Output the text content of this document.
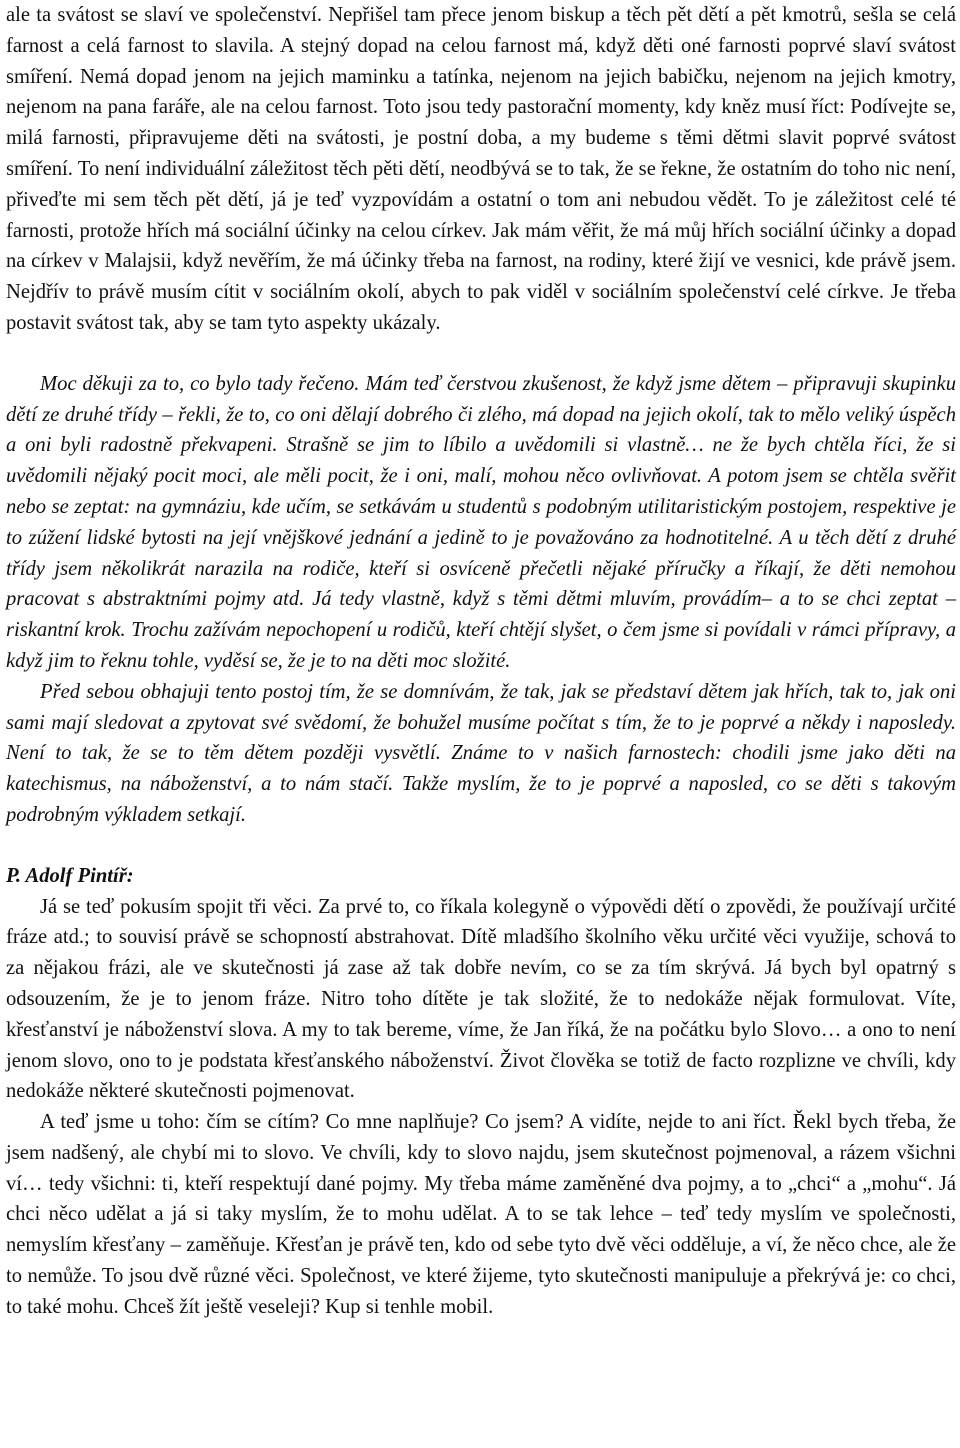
ale ta svátost se slaví ve společenství. Nepřišel tam přece jenom biskup a těch pět dětí a pět kmotrů, sešla se celá farnost a celá farnost to slavila. A stejný dopad na celou farnost má, když děti oné farnosti poprvé slaví svátost smíření. Nemá dopad jenom na jejich maminku a tatínka, nejenom na jejich babičku, nejenom na jejich kmotry, nejenom na pana faráře, ale na celou farnost. Toto jsou tedy pastorační momenty, kdy kněz musí říct: Podívejte se, milá farnosti, připravujeme děti na svátosti, je postní doba, a my budeme s těmi dětmi slavit poprvé svátost smíření. To není individuální záležitost těch pěti dětí, neodbývá se to tak, že se řekne, že ostatním do toho nic není, přiveďte mi sem těch pět dětí, já je teď vyzpovídám a ostatní o tom ani nebudou vědět. To je záležitost celé té farnosti, protože hřích má sociální účinky na celou církev. Jak mám věřit, že má můj hřích sociální účinky a dopad na církev v Malajsii, když nevěřím, že má účinky třeba na farnost, na rodiny, které žijí ve vesnici, kde právě jsem. Nejdřív to právě musím cítit v sociálním okolí, abych to pak viděl v sociálním společenství celé církve. Je třeba postavit svátost tak, aby se tam tyto aspekty ukázaly.

Moc děkuji za to, co bylo tady řečeno. Mám teď čerstvou zkušenost, že když jsme dětem – připravuji skupinku dětí ze druhé třídy – řekli, že to, co oni dělají dobrého či zlého, má dopad na jejich okolí, tak to mělo veliký úspěch a oni byli radostně překvapeni. Strašně se jim to líbilo a uvědomili si vlastně… ne že bych chtěla říci, že si uvědomili nějaký pocit moci, ale měli pocit, že i oni, malí, mohou něco ovlivňovat. A potom jsem se chtěla svěřit nebo se zeptat: na gymnáziu, kde učím, se setkávám u studentů s podobným utilitaristickým postojem, respektive je to zúžení lidské bytosti na její vnějškové jednání a jedině to je považováno za hodnotitelné. A u těch dětí z druhé třídy jsem několikrát narazila na rodiče, kteří si osvíceně přečetli nějaké příručky a říkají, že děti nemohou pracovat s abstraktními pojmy atd. Já tedy vlastně, když s těmi dětmi mluvím, provádím– a to se chci zeptat – riskantní krok. Trochu zažívám nepochopení u rodičů, kteří chtějí slyšet, o čem jsme si povídali v rámci přípravy, a když jim to řeknu tohle, vyděsí se, že je to na děti moc složité.

Před sebou obhajuji tento postoj tím, že se domnívám, že tak, jak se představí dětem jak hřích, tak to, jak oni sami mají sledovat a zpytovat své svědomí, že bohužel musíme počítat s tím, že to je poprvé a někdy i naposledy. Není to tak, že se to těm dětem později vysvětlí. Známe to v našich farnostech: chodili jsme jako děti na katechismus, na náboženství, a to nám stačí. Takže myslím, že to je poprvé a naposled, co se děti s takovým podrobným výkladem setkají.

P. Adolf Pintíř:

Já se teď pokusím spojit tři věci. Za prvé to, co říkala kolegyně o výpovědi dětí o zpovědi, že používají určité fráze atd.; to souvisí právě se schopností abstrahovat. Dítě mladšího školního věku určité věci využije, schová to za nějakou frázi, ale ve skutečnosti já zase až tak dobře nevím, co se za tím skrývá. Já bych byl opatrný s odsouzením, že je to jenom fráze. Nitro toho dítěte je tak složité, že to nedokáže nějak formulovat. Víte, křesťanství je náboženství slova. A my to tak bereme, víme, že Jan říká, že na počátku bylo Slovo… a ono to není jenom slovo, ono to je podstata křesťanského náboženství. Život člověka se totiž de facto rozplizne ve chvíli, kdy nedokáže některé skutečnosti pojmenovat.

A teď jsme u toho: čím se cítím? Co mne naplňuje? Co jsem? A vidíte, nejde to ani říct. Řekl bych třeba, že jsem nadšený, ale chybí mi to slovo. Ve chvíli, kdy to slovo najdu, jsem skutečnost pojmenoval, a rázem všichni ví… tedy všichni: ti, kteří respektují dané pojmy. My třeba máme zaměněné dva pojmy, a to „chci“ a „mohu“. Já chci něco udělat a já si taky myslím, že to mohu udělat. A to se tak lehce – teď tedy myslím ve společnosti, nemyslím křesťany – zaměňuje. Křesťan je právě ten, kdo od sebe tyto dvě věci odděluje, a ví, že něco chce, ale že to nemůže. To jsou dvě různé věci. Společnost, ve které žijeme, tyto skutečnosti manipuluje a překrývá je: co chci, to také mohu. Chceš žít ještě veseleji? Kup si tenhle mobil.
